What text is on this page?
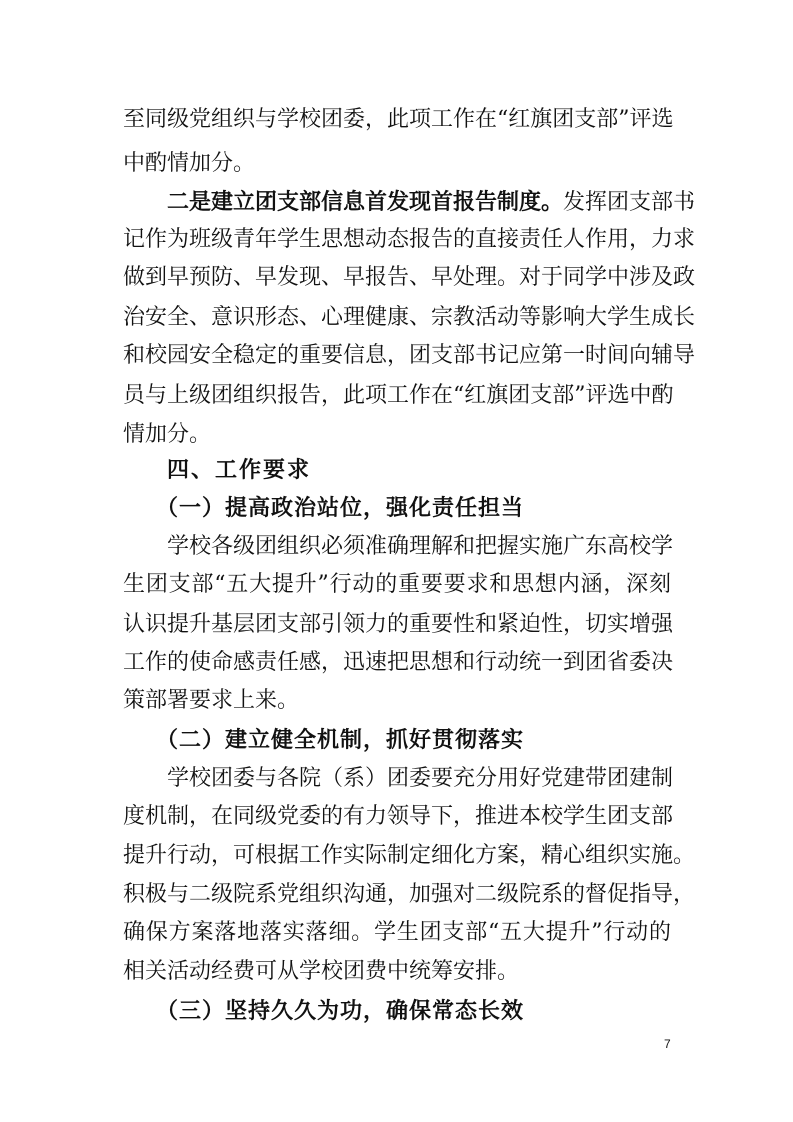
至同级党组织与学校团委，此项工作在“红旗团支部”评选
中酌情加分。
二是建立团支部信息首发现首报告制度。发挥团支部书
记作为班级青年学生思想动态报告的直接责任人作用，力求
做到早预防、早发现、早报告、早处理。对于同学中涉及政
治安全、意识形态、心理健康、宗教活动等影响大学生成长
和校园安全稳定的重要信息，团支部书记应第一时间向辅导
员与上级团组织报告，此项工作在“红旗团支部”评选中酌
情加分。
四、工作要求
（一）提高政治站位，强化责任担当
学校各级团组织必须准确理解和把握实施广东高校学
生团支部“五大提升”行动的重要要求和思想内涵，深刻
认识提升基层团支部引领力的重要性和紧迫性，切实增强
工作的使命感责任感，迅速把思想和行动统一到团省委决
策部署要求上来。
（二）建立健全机制，抓好贯彻落实
学校团委与各院（系）团委要充分用好党建带团建制
度机制，在同级党委的有力领导下，推进本校学生团支部
提升行动，可根据工作实际制定细化方案，精心组织实施。
积极与二级院系党组织沟通，加强对二级院系的督促指导，
确保方案落地落实落细。学生团支部“五大提升”行动的
相关活动经费可从学校团费中统筹安排。
（三）坚持久久为功，确保常态长效
7
